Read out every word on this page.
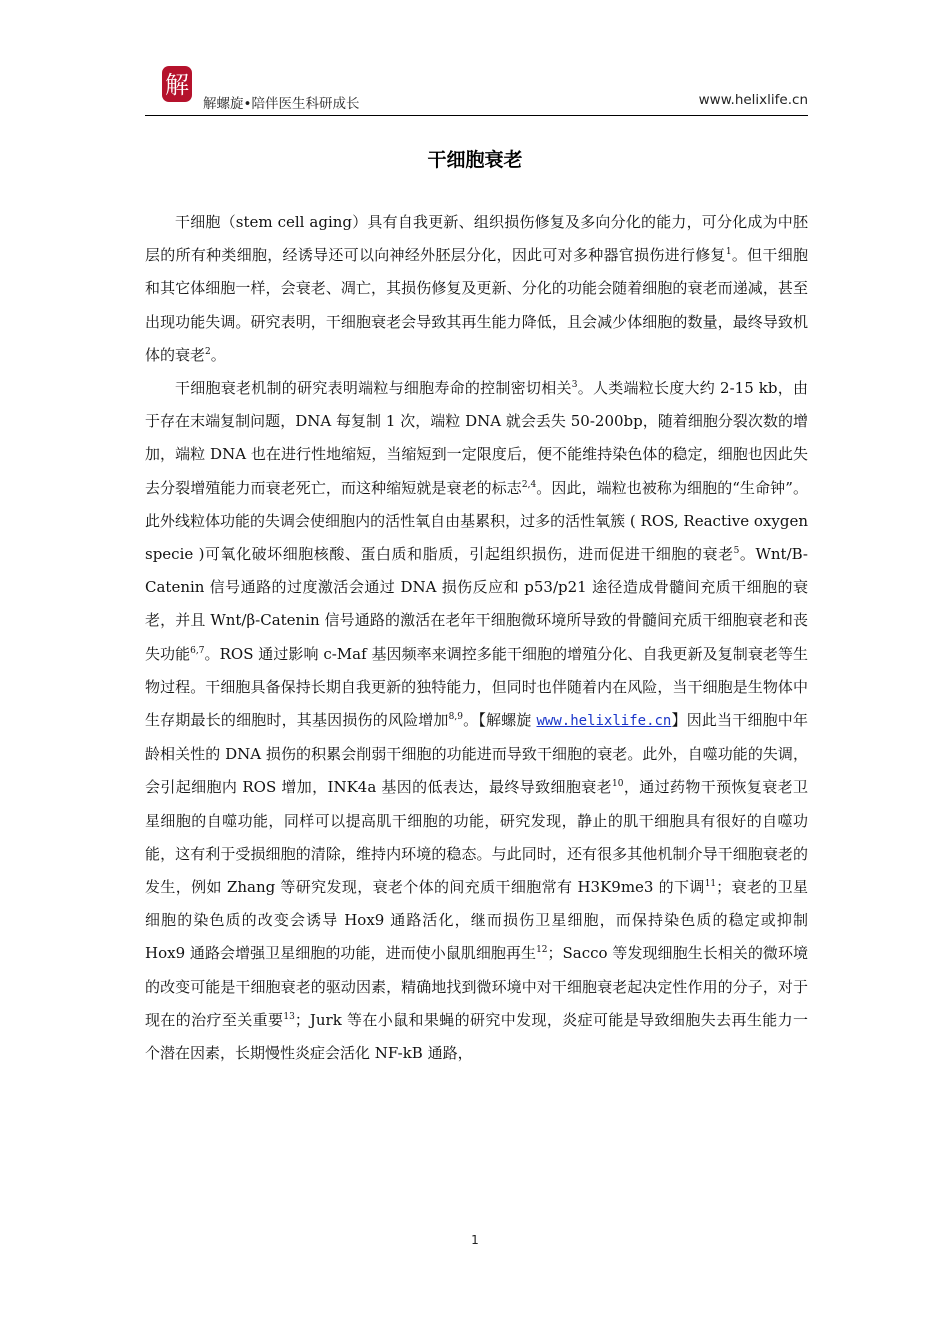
解
解螺旋•陪伴医生科研成长	www.helixlife.cn
干细胞衰老

干细胞（stem cell aging）具有自我更新、组织损伤修复及多向分化的能力，可分化成为中胚层的所有种类细胞，经诱导还可以向神经外胚层分化，因此可对多种器官损伤进行修复$^1$。但干细胞和其它体细胞一样，会衰老、凋亡，其损伤修复及更新、分化的功能会随着细胞的衰老而递减，甚至出现功能失调。研究表明，干细胞衰老会导致其再生能力降低，且会减少体细胞的数量，最终导致机体的衰老$^2$。

干细胞衰老机制的研究表明端粒与细胞寿命的控制密切相关$^3$。人类端粒长度大约 2-15 kb，由于存在末端复制问题，DNA 每复制 1 次，端粒 DNA 就会丢失 50-200bp，随着细胞分裂次数的增加，端粒 DNA 也在进行性地缩短，当缩短到一定限度后，便不能维持染色体的稳定，细胞也因此失去分裂增殖能力而衰老死亡，而这种缩短就是衰老的标志$^{2,4}$。因此，端粒也被称为细胞的“生命钟”。 此外线粒体功能的失调会使细胞内的活性氧自由基累积，过多的活性氧簇 ( ROS, Reactive oxygen specie )可氧化破坏细胞核酸、蛋白质和脂质，引起组织损伤，进而促进干细胞的衰老$^5$。Wnt/B-Catenin 信号通路的过度激活会通过 DNA 损伤反应和 p53/p21 途径造成骨髓间充质干细胞的衰老，并且 Wnt/β-Catenin 信号通路的激活在老年干细胞微环境所导致的骨髓间充质干细胞衰老和丧失功能$^{6,7}$。ROS 通过影响 c-Maf 基因频率来调控多能干细胞的增殖分化、自我更新及复制衰老等生物过程。干细胞具备保持长期自我更新的独特能力，但同时也伴随着内在风险，当干细胞是生物体中生存期最长的细胞时，其基因损伤的风险增加$^{8,9}$。【解螺旋 www.helixlife.cn】因此当干细胞中年龄相关性的 DNA 损伤的积累会削弱干细胞的功能进而导致干细胞的衰老。此外，自噬功能的失调，会引起细胞内 ROS 增加，INK4a 基因的低表达，最终导致细胞衰老$^{10}$，通过药物干预恢复衰老卫星细胞的自噬功能，同样可以提高肌干细胞的功能，研究发现，静止的肌干细胞具有很好的自噬功能，这有利于受损细胞的清除，维持内环境的稳态。与此同时，还有很多其他机制介导干细胞衰老的发生，例如 Zhang 等研究发现，衰老个体的间充质干细胞常有 H3K9me3 的下调$^{11}$；衰老的卫星细胞的染色质的改变会诱导 Hox9 通路活化，继而损伤卫星细胞，而保持染色质的稳定或抑制 Hox9 通路会增强卫星细胞的功能，进而使小鼠肌细胞再生$^{12}$；Sacco 等发现细胞生长相关的微环境的改变可能是干细胞衰老的驱动因素，精确地找到微环境中对干细胞衰老起决定性作用的分子，对于现在的治疗至关重要$^{13}$；Jurk 等在小鼠和果蝇的研究中发现，炎症可能是导致细胞失去再生能力一个潜在因素，长期慢性炎症会活化 NF-kB 通路，

1
